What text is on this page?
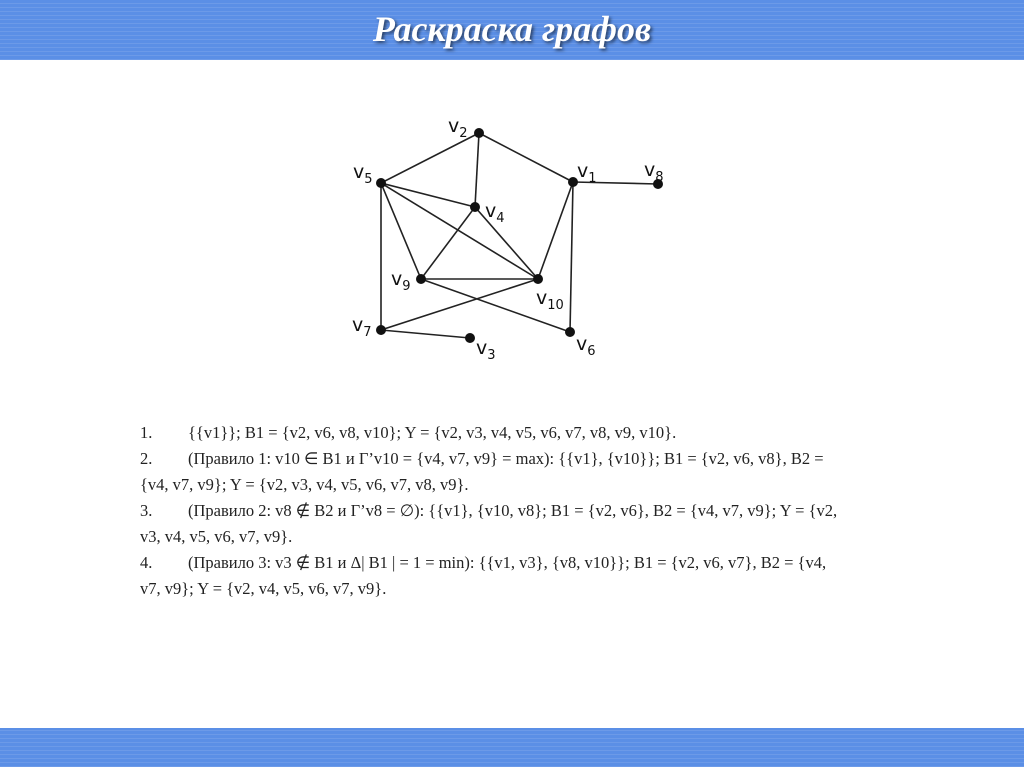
Раскраска графов
$v_1$
$v_2$
$v_3$
$v_4$
$v_5$
$v_6$
$v_7$
$v_8$
$v_9$
$v_{10}$

1. {{v1}}; B1 = {v2, v6, v8, v10}; Y = {v2, v3, v4, v5, v6, v7, v8, v9, v10}.

2. (Правило 1: v10 ∈ B1 и Γ’v10 = {v4, v7, v9} = max): {{v1}, {v10}}; B1 = {v2, v6, v8}, B2 = {v4, v7, v9}; Y = {v2, v3, v4, v5, v6, v7, v8, v9}.

3. (Правило 2: v8 ∉ B2 и Γ’v8 = ∅): {{v1}, {v10, v8}; B1 = {v2, v6}, B2 = {v4, v7, v9}; Y = {v2, v3, v4, v5, v6, v7, v9}.

4. (Правило 3: v3 ∉ B1 и Δ| B1 | = 1 = min): {{v1, v3}, {v8, v10}}; B1 = {v2, v6, v7}, B2 = {v4, v7, v9}; Y = {v2, v4, v5, v6, v7, v9}.
